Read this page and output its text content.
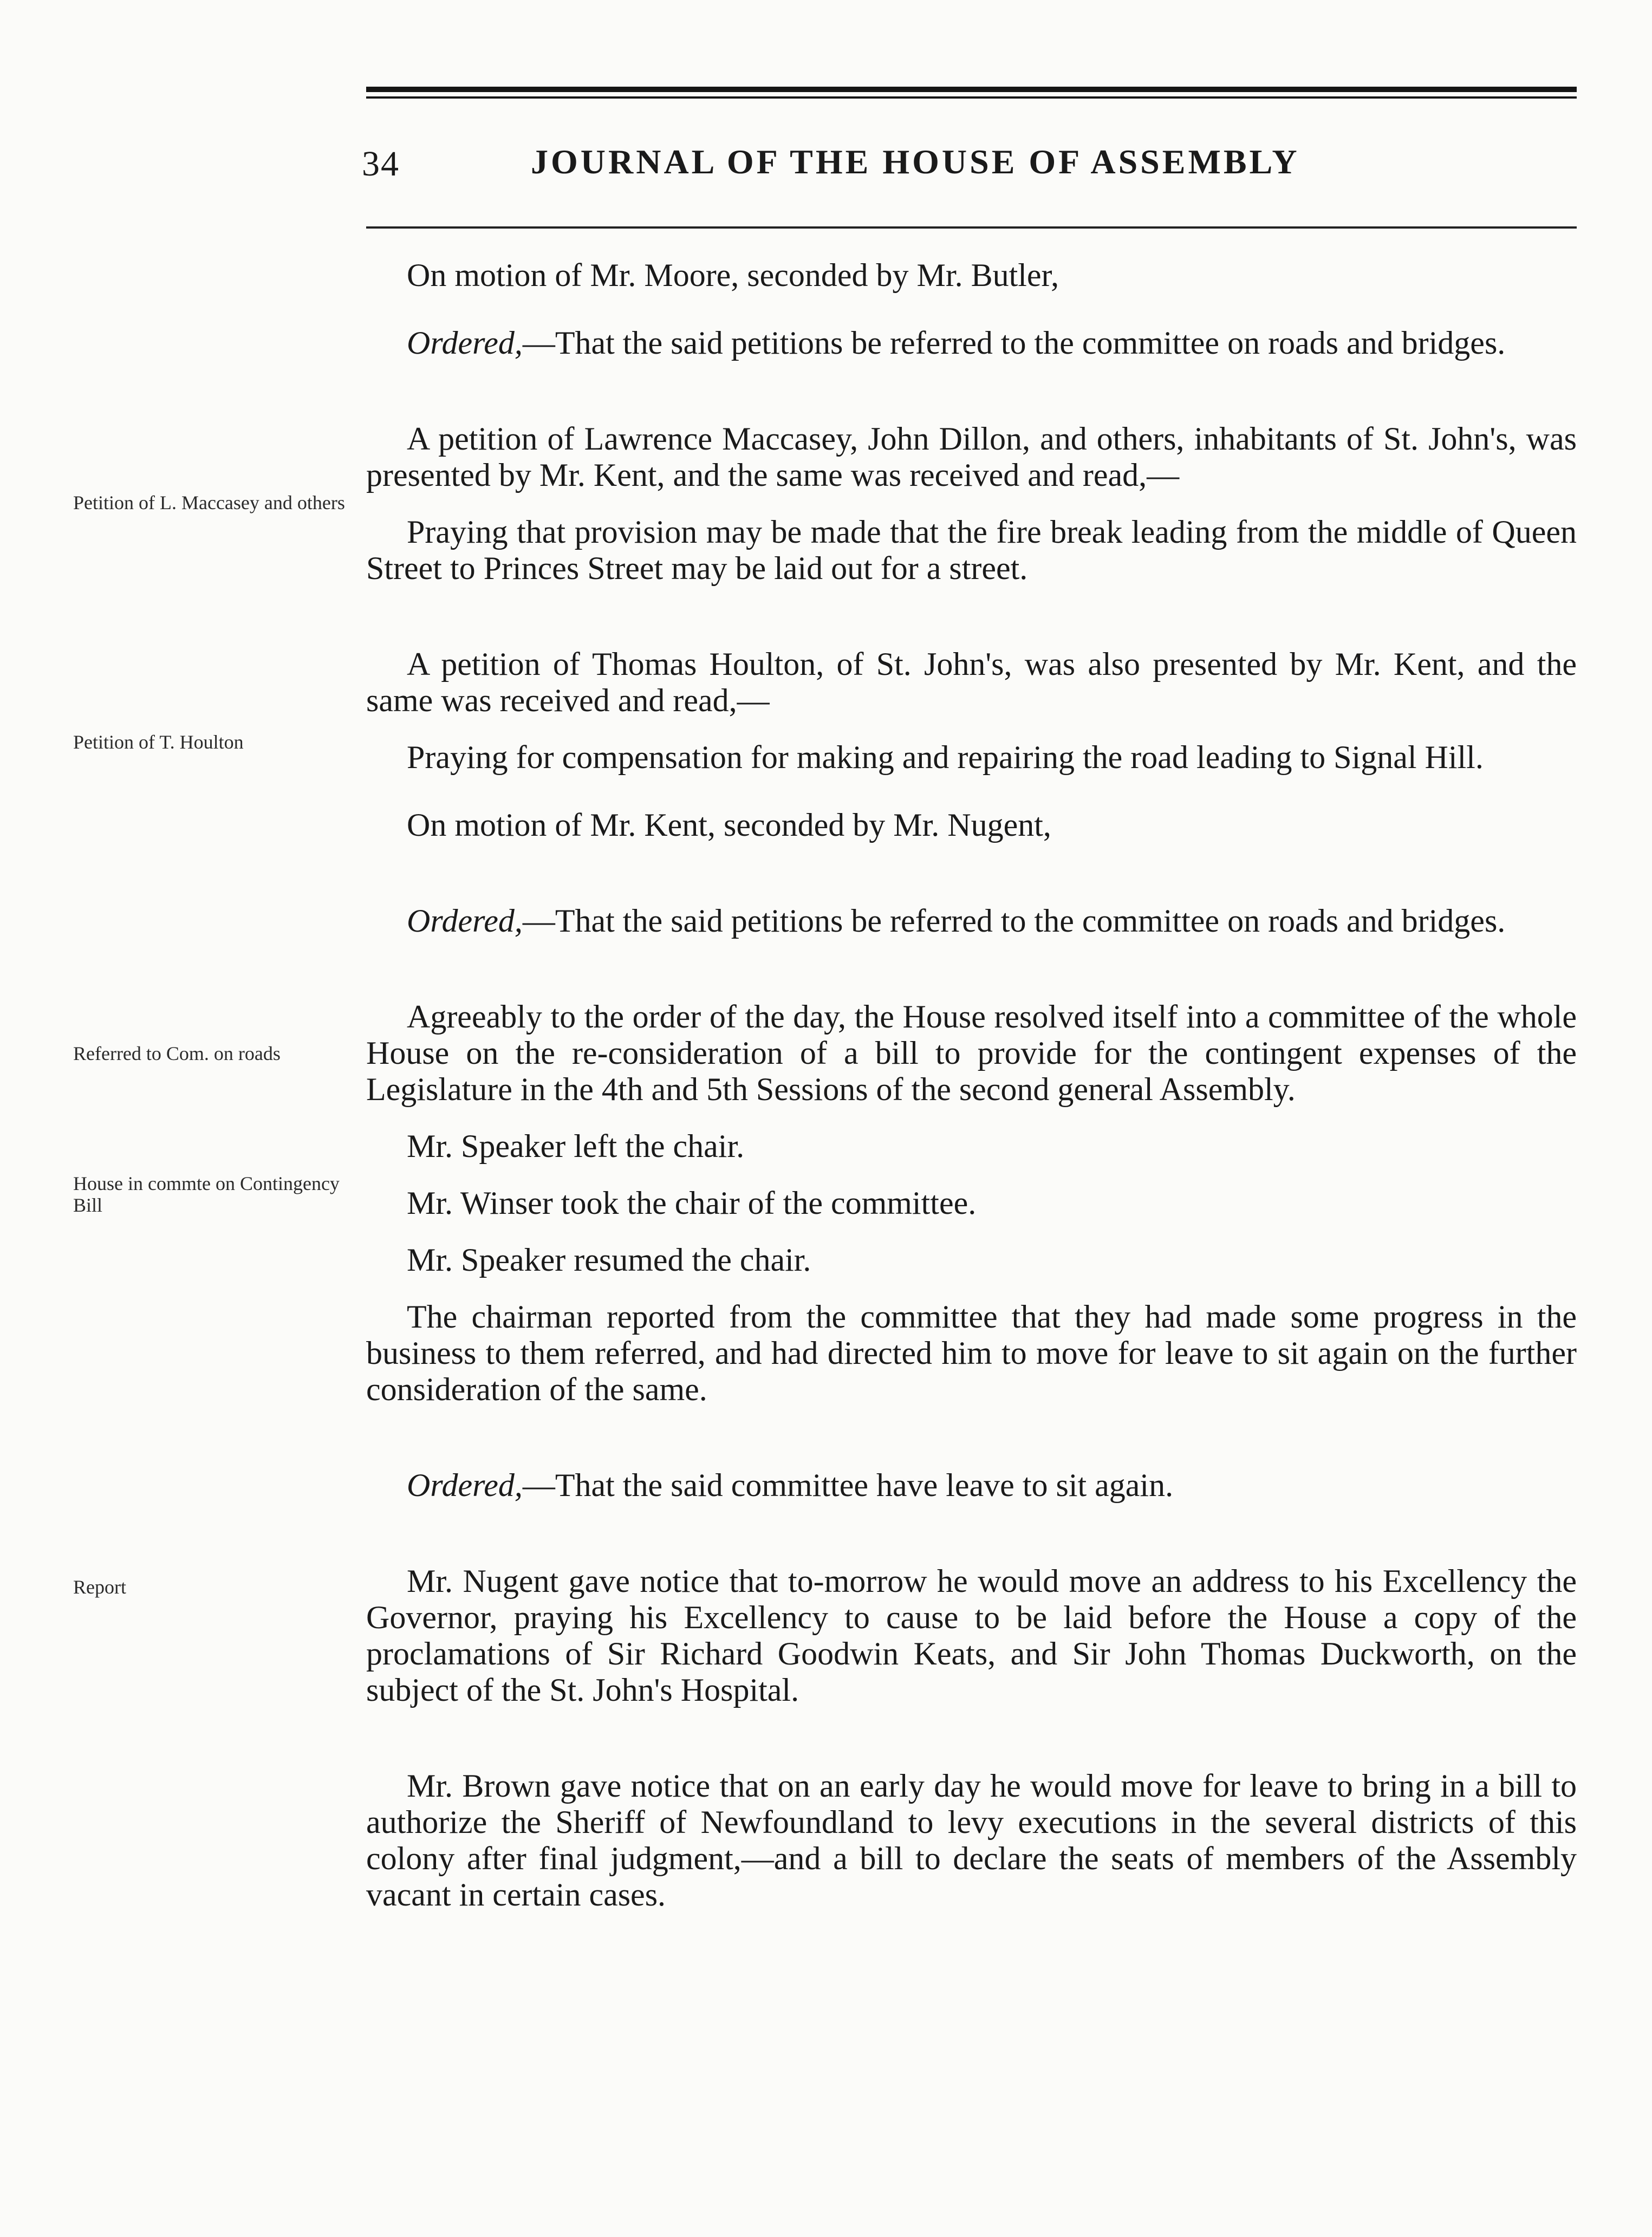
34	JOURNAL OF THE HOUSE OF ASSEMBLY
Petition of L. Maccasey and others
Petition of T. Houlton
Referred to Com. on roads
House in commte on Contingency Bill
Report

On motion of Mr. Moore, seconded by Mr. Butler,

Ordered,—That the said petitions be referred to the committee on roads and bridges.

A petition of Lawrence Maccasey, John Dillon, and others, inhabitants of St. John's, was presented by Mr. Kent, and the same was received and read,—

Praying that provision may be made that the fire break leading from the middle of Queen Street to Princes Street may be laid out for a street.

A petition of Thomas Houlton, of St. John's, was also presented by Mr. Kent, and the same was received and read,—

Praying for compensation for making and repairing the road leading to Signal Hill.

On motion of Mr. Kent, seconded by Mr. Nugent,

Ordered,—That the said petitions be referred to the committee on roads and bridges.

Agreeably to the order of the day, the House resolved itself into a committee of the whole House on the re-consideration of a bill to provide for the contingent expenses of the Legislature in the 4th and 5th Sessions of the second general Assembly.

Mr. Speaker left the chair.

Mr. Winser took the chair of the committee.

Mr. Speaker resumed the chair.

The chairman reported from the committee that they had made some progress in the business to them referred, and had directed him to move for leave to sit again on the further consideration of the same.

Ordered,—That the said committee have leave to sit again.

Mr. Nugent gave notice that to-morrow he would move an address to his Excellency the Governor, praying his Excellency to cause to be laid before the House a copy of the proclamations of Sir Richard Goodwin Keats, and Sir John Thomas Duckworth, on the subject of the St. John's Hospital.

Mr. Brown gave notice that on an early day he would move for leave to bring in a bill to authorize the Sheriff of Newfoundland to levy executions in the several districts of this colony after final judgment,—and a bill to declare the seats of members of the Assembly vacant in certain cases.
